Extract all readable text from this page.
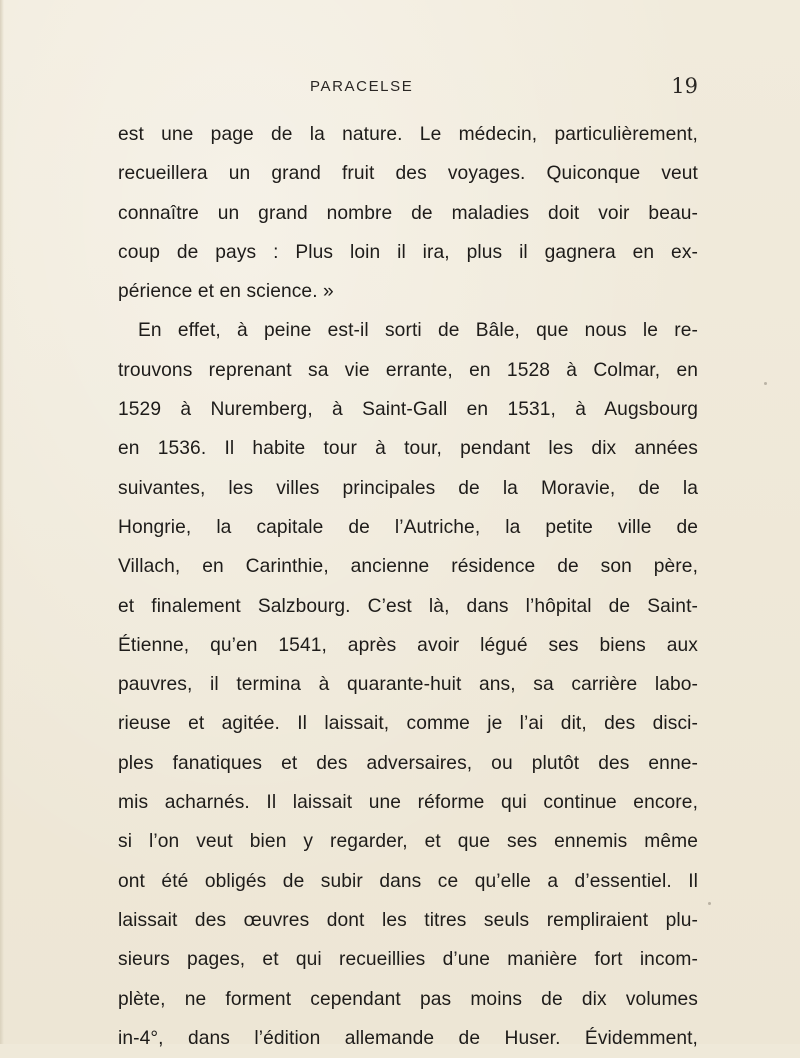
PARACELSE	19
est une page de la nature. Le médecin, particulièrement,
recueillera un grand fruit des voyages. Quiconque veut
connaître un grand nombre de maladies doit voir beau-
coup de pays : Plus loin il ira, plus il gagnera en ex-
périence et en science. »
En effet, à peine est-il sorti de Bâle, que nous le re-
trouvons reprenant sa vie errante, en 1528 à Colmar, en
1529 à Nuremberg, à Saint-Gall en 1531, à Augsbourg
en 1536. Il habite tour à tour, pendant les dix années
suivantes, les villes principales de la Moravie, de la
Hongrie, la capitale de l’Autriche, la petite ville de
Villach, en Carinthie, ancienne résidence de son père,
et finalement Salzbourg. C’est là, dans l’hôpital de Saint-
Étienne, qu’en 1541, après avoir légué ses biens aux
pauvres, il termina à quarante-huit ans, sa carrière labo-
rieuse et agitée. Il laissait, comme je l’ai dit, des disci-
ples fanatiques et des adversaires, ou plutôt des enne-
mis acharnés. Il laissait une réforme qui continue encore,
si l’on veut bien y regarder, et que ses ennemis même
ont été obligés de subir dans ce qu’elle a d’essentiel. Il
laissait des œuvres dont les titres seuls rempliraient plu-
sieurs pages, et qui recueillies d’une manière fort incom-
plète, ne forment cependant pas moins de dix volumes
in-4°, dans l’édition allemande de Huser. Évidemment,
